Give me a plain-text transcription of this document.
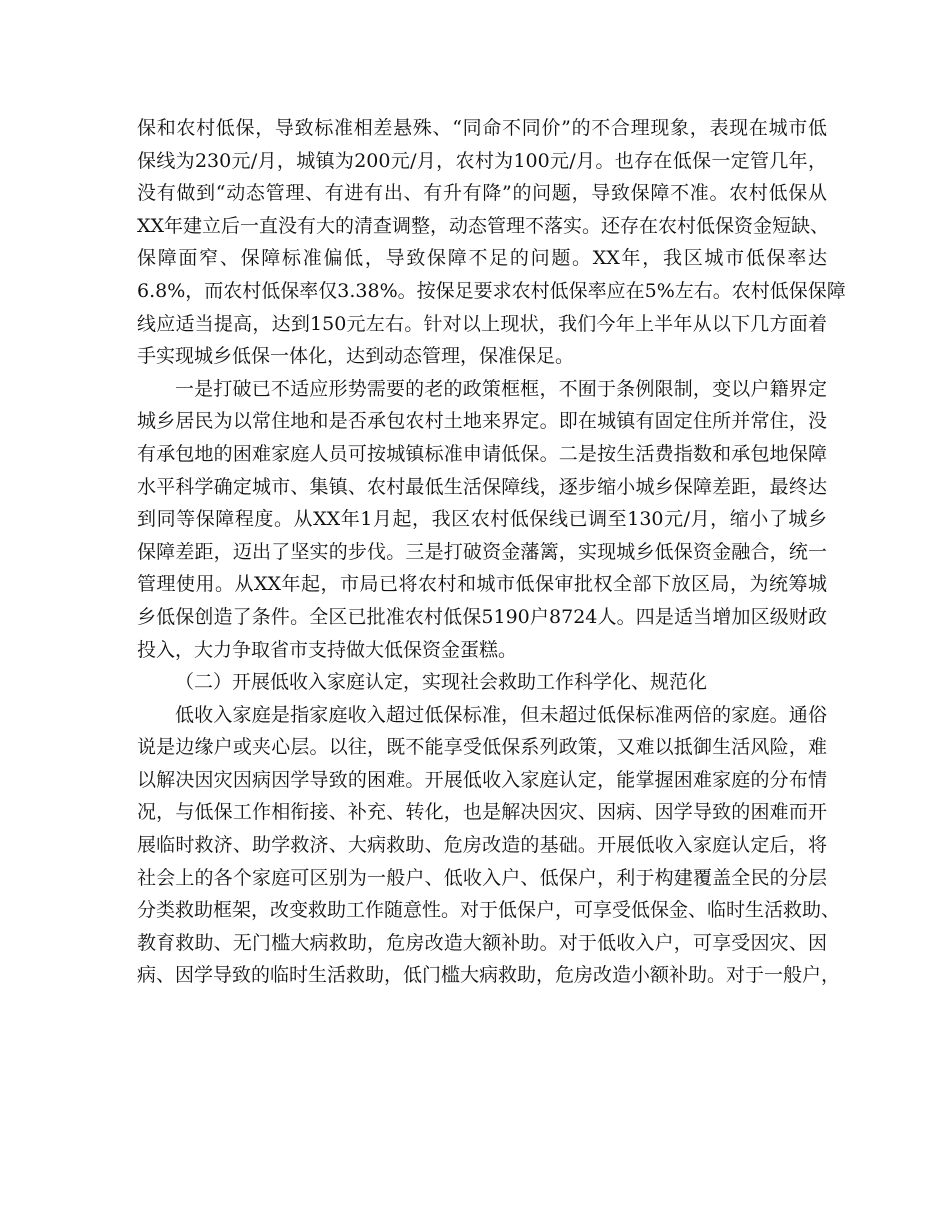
保和农村低保，导致标准相差悬殊、“同命不同价”的不合理现象，表现在城市低

保线为230元/月，城镇为200元/月，农村为100元/月。也存在低保一定管几年，

没有做到“动态管理、有进有出、有升有降”的问题，导致保障不准。农村低保从

XX年建立后一直没有大的清查调整，动态管理不落实。还存在农村低保资金短缺、

保障面窄、保障标准偏低，导致保障不足的问题。XX年，我区城市低保率达

6.8%，而农村低保率仅3.38%。按保足要求农村低保率应在5%左右。农村低保保障

线应适当提高，达到150元左右。针对以上现状，我们今年上半年从以下几方面着

手实现城乡低保一体化，达到动态管理，保准保足。

一是打破已不适应形势需要的老的政策框框，不囿于条例限制，变以户籍界定

城乡居民为以常住地和是否承包农村土地来界定。即在城镇有固定住所并常住，没

有承包地的困难家庭人员可按城镇标准申请低保。二是按生活费指数和承包地保障

水平科学确定城市、集镇、农村最低生活保障线，逐步缩小城乡保障差距，最终达

到同等保障程度。从XX年1月起，我区农村低保线已调至130元/月，缩小了城乡

保障差距，迈出了坚实的步伐。三是打破资金藩篱，实现城乡低保资金融合，统一

管理使用。从XX年起，市局已将农村和城市低保审批权全部下放区局，为统筹城

乡低保创造了条件。全区已批准农村低保5190户8724人。四是适当增加区级财政

投入，大力争取省市支持做大低保资金蛋糕。

（二）开展低收入家庭认定，实现社会救助工作科学化、规范化

低收入家庭是指家庭收入超过低保标准，但未超过低保标准两倍的家庭。通俗

说是边缘户或夹心层。以往，既不能享受低保系列政策，又难以抵御生活风险，难

以解决因灾因病因学导致的困难。开展低收入家庭认定，能掌握困难家庭的分布情

况，与低保工作相衔接、补充、转化，也是解决因灾、因病、因学导致的困难而开

展临时救济、助学救济、大病救助、危房改造的基础。开展低收入家庭认定后，将

社会上的各个家庭可区别为一般户、低收入户、低保户，利于构建覆盖全民的分层

分类救助框架，改变救助工作随意性。对于低保户，可享受低保金、临时生活救助、

教育救助、无门槛大病救助，危房改造大额补助。对于低收入户，可享受因灾、因

病、因学导致的临时生活救助，低门槛大病救助，危房改造小额补助。对于一般户，
